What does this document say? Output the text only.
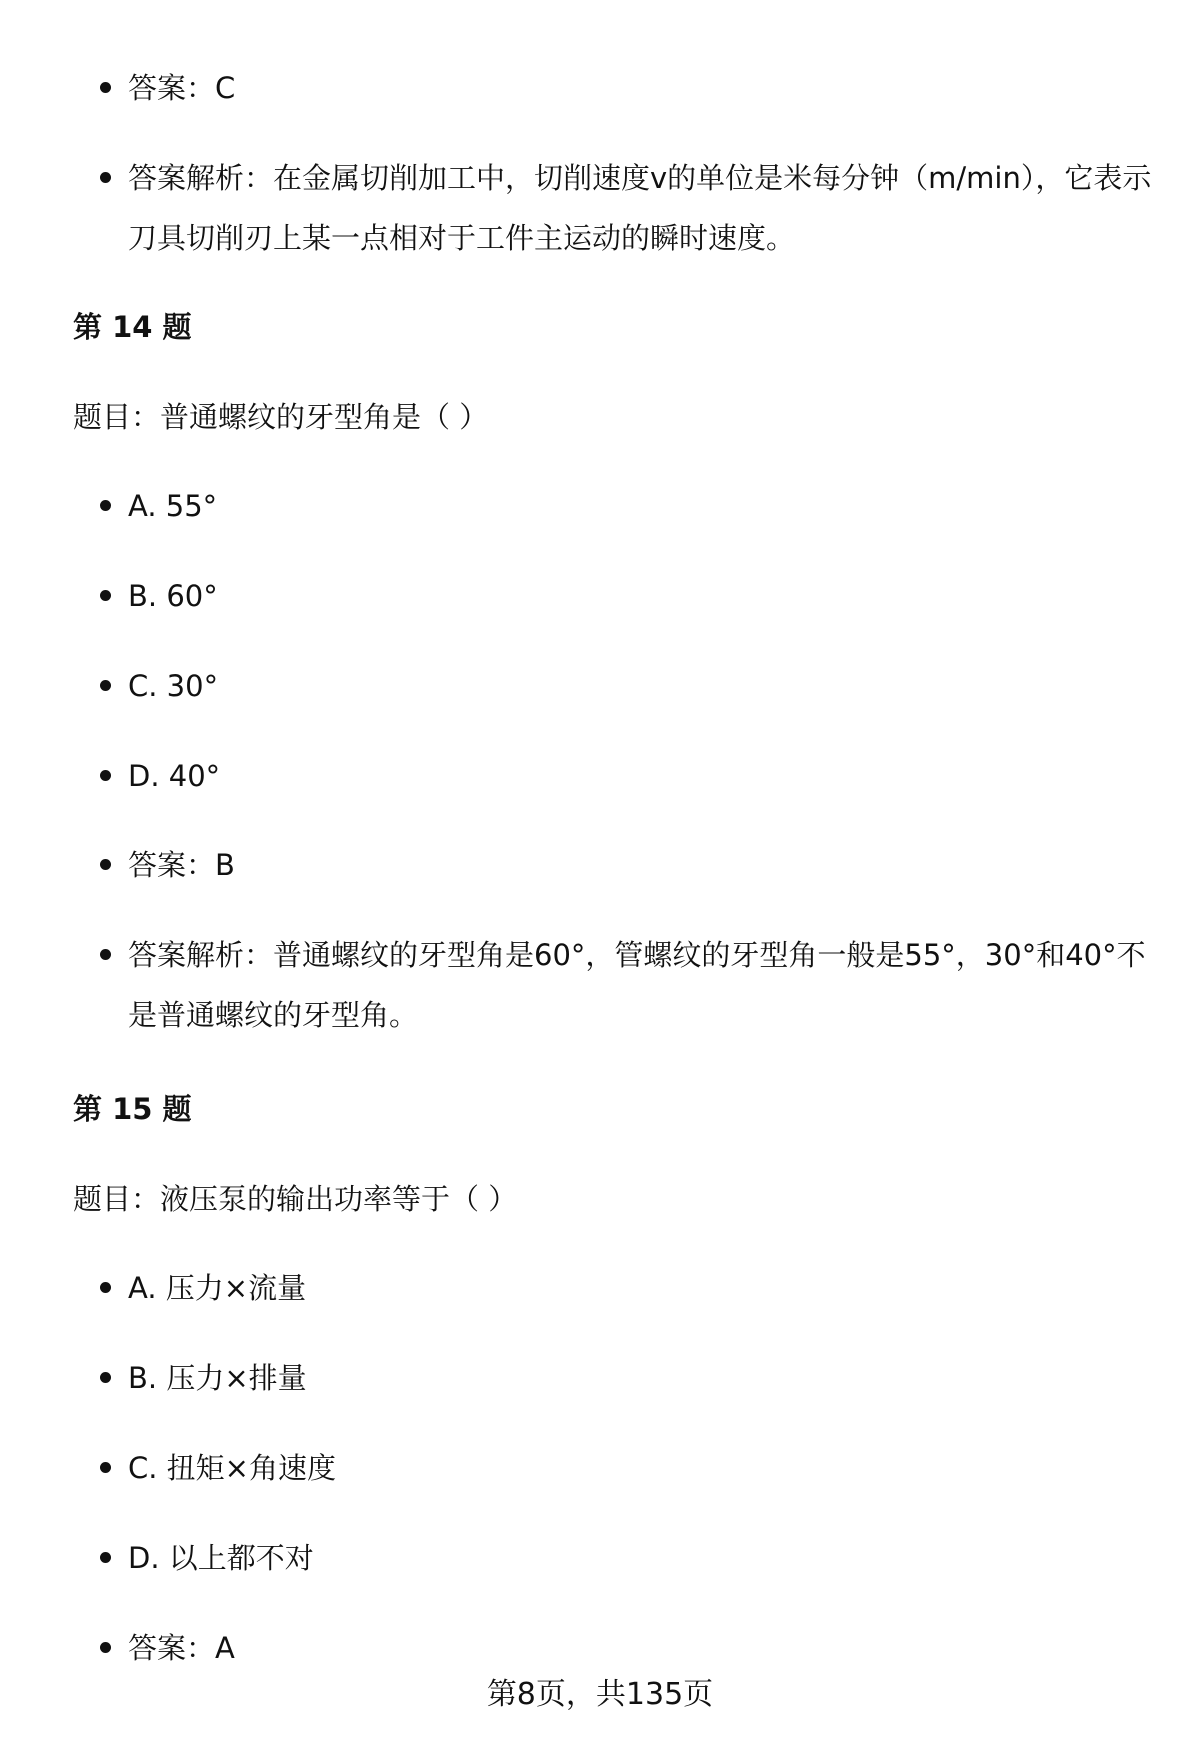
答案：C
答案解析：在金属切削加工中，切削速度v的单位是米每分钟（m/min），它表示刀具切削刃上某一点相对于工件主运动的瞬时速度。
第 14 题
题目：普通螺纹的牙型角是（ ）
A. 55°
B. 60°
C. 30°
D. 40°
答案：B
答案解析：普通螺纹的牙型角是60°，管螺纹的牙型角一般是55°，30°和40°不是普通螺纹的牙型角。
第 15 题
题目：液压泵的输出功率等于（ ）
A. 压力×流量
B. 压力×排量
C. 扭矩×角速度
D. 以上都不对
答案：A
第8页，共135页
